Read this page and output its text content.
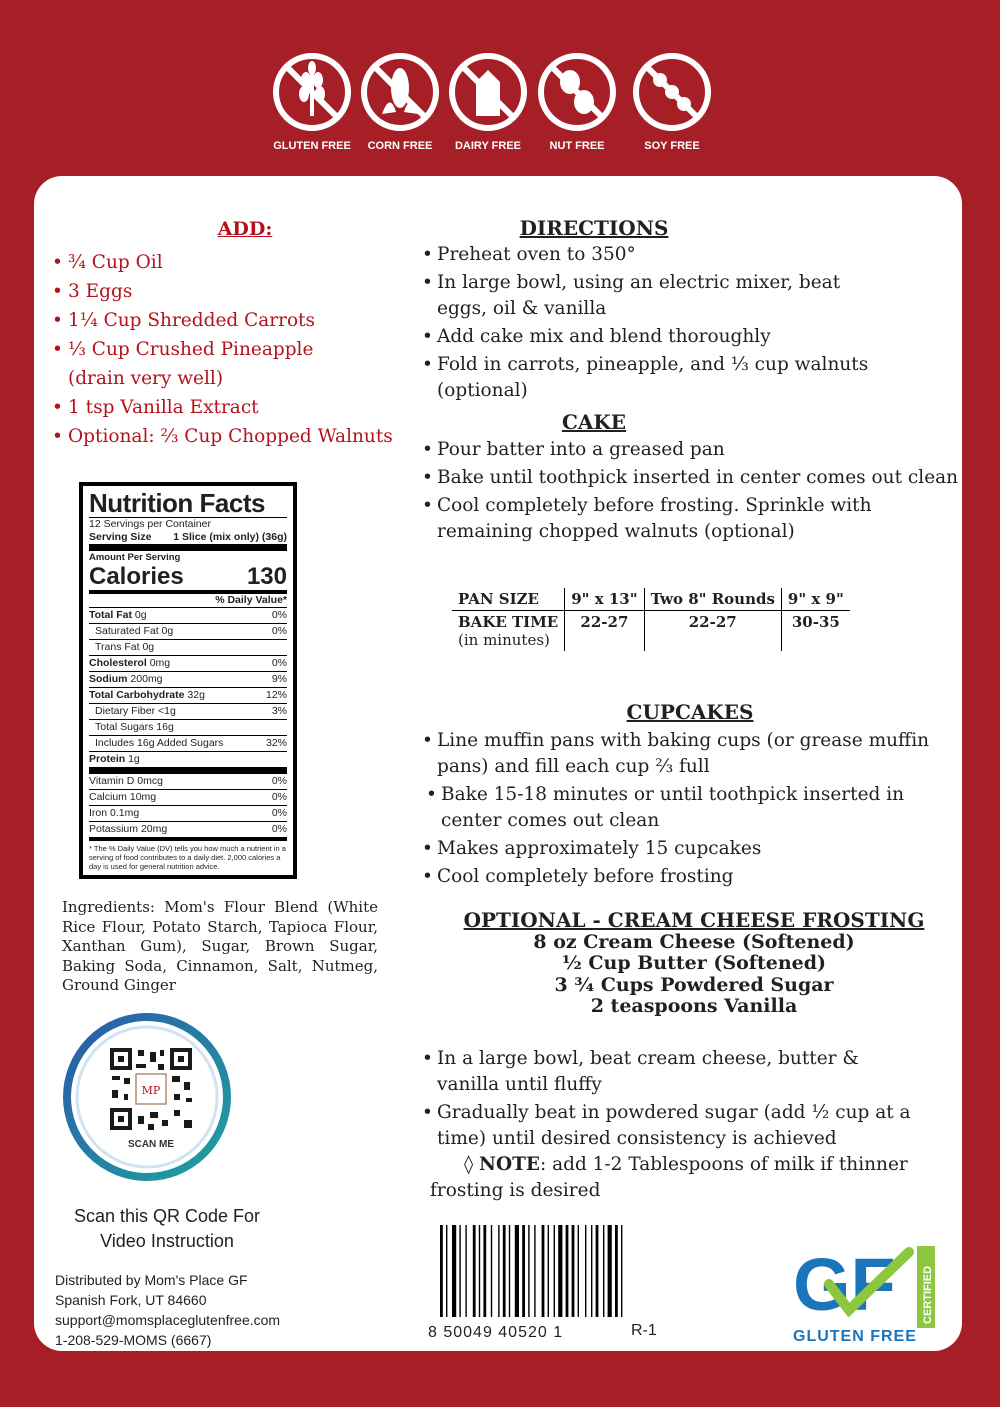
GLUTEN FREE	CORN FREE	DAIRY FREE	NUT FREE	SOY FREE
ADD:
• ¾ Cup Oil
• 3 Eggs
• 1¼ Cup Shredded Carrots
• ⅓ Cup Crushed Pineapple
(drain very well)
• 1 tsp Vanilla Extract
• Optional: ⅔ Cup Chopped Walnuts
Nutrition Facts
12 Servings per Container
Serving Size 1 Slice (mix only) (36g)
Amount Per Serving
Calories	130
% Daily Value*
Total Fat 0g	0%
Saturated Fat 0g	0%
Trans Fat 0g
Cholesterol 0mg	0%
Sodium 200mg	9%
Total Carbohydrate 32g	12%
Dietary Fiber <1g	3%
Total Sugars 16g
Includes 16g Added Sugars	32%
Protein 1g
Vitamin D 0mcg	0%
Calcium 10mg	0%
Iron 0.1mg	0%
Potassium 20mg	0%
* The % Daily Value (DV) tells you how much a nutrient in a serving of food contributes to a daily diet. 2,000 calories a day is used for general nutrition advice.
Ingredients: Mom's Flour Blend (White Rice Flour, Potato Starch, Tapioca Flour, Xanthan Gum), Sugar, Brown Sugar, Baking Soda, Cinnamon, Salt, Nutmeg, Ground Ginger
MP
SCAN ME
Scan this QR Code For
Video Instruction
Distributed by Mom's Place GF
Spanish Fork, UT 84660
support@momsplaceglutenfree.com
1-208-529-MOMS (6667)
DIRECTIONS
• Preheat oven to 350°
• In large bowl, using an electric mixer, beat eggs, oil & vanilla
• Add cake mix and blend thoroughly
• Fold in carrots, pineapple, and ⅓ cup walnuts (optional)
CAKE
• Pour batter into a greased pan
• Bake until toothpick inserted in center comes out clean
• Cool completely before frosting. Sprinkle with remaining chopped walnuts (optional)
PAN SIZE	9" x 13"	Two 8" Rounds	9" x 9"
BAKE TIME
(in minutes)	22-27	22-27	30-35
CUPCAKES
• Line muffin pans with baking cups (or grease muffin pans) and fill each cup ⅔ full
• Bake 15-18 minutes or until toothpick inserted in center comes out clean
• Makes approximately 15 cupcakes
• Cool completely before frosting
OPTIONAL - CREAM CHEESE FROSTING
8 oz Cream Cheese (Softened)
½ Cup Butter (Softened)
3 ¾ Cups Powdered Sugar
2 teaspoons Vanilla
• In a large bowl, beat cream cheese, butter & vanilla until fluffy
• Gradually beat in powdered sugar (add ½ cup at a time) until desired consistency is achieved
◊ NOTE: add 1-2 Tablespoons of milk if thinner frosting is desired
8 50049 40520 1	R-1
GF CERTIFIED
GLUTEN FREE
